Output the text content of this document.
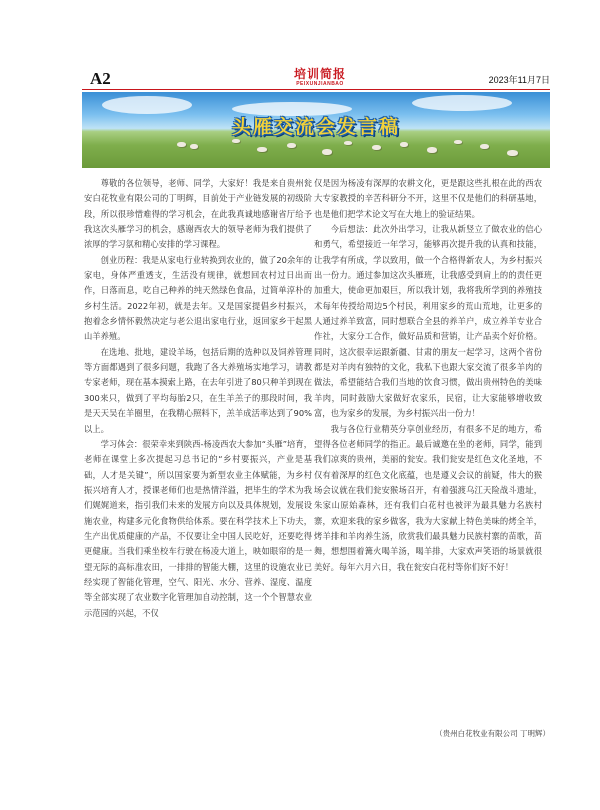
A2	培训简报
PEIXUNJIANBAO	2023年11月7日
头雁交流会发言稿

尊敬的各位领导，老师、同学，大家好！我是来自贵州瓮安白花牧业有限公司的丁明辉，目前处于产业链发展的初级阶段，所以很珍惜难得的学习机会，在此我真诚地感谢省厅给予我这次头雁学习的机会，感谢西农大的领导老师为我们提供了浓厚的学习氛和精心安排的学习课程。

创业历程：我是从家电行业转换到农业的，做了20余年的家电，身体严重透支，生活没有规律，就想回农村过日出而作，日落而息，吃自己种养的纯天然绿色食品，过简单淳朴的乡村生活。2022年初，就是去年。又是国家提倡乡村振兴，抱着念乡情怀毅然决定与老公退出家电行业，返回家乡干起黑山羊养殖。

在选地、批地，建设羊场，包括后期的选种以及饲养管理等方面都遇到了很多问题，我跑了各大养殖场实地学习，请教专家老师，现在基本摸索上路，在去年引进了80只种羊到现在300来只，做到了平均每胎2只，在生羊羔子的那段时间，我是天天吴在羊圈里，在我精心照料下，羔羊成活率达到了90%以上。

学习体会：很荣幸来到陕西-杨凌西农大参加“头雁”培育，老师在课堂上多次提起习总书记的“乡村要振兴，产业是基础，人才是关键”，所以国家要为新型农业主体赋能，为乡村振兴培育人才，授课老师们也是热情洋溢，把毕生的学术为我们娓娓道来，指引我们未来的发展方向以及具体规划，发展设施农业，构建多元化食物供给体系。要在科学技术上下功夫，生产出优质健康的产品，不仅要让全中国人民吃好，还要吃得更健康。当我们乘坐校车行驶在杨凌大道上，映如眼帘的是一望无际的高标准农田，一排排的智能大棚，这里的设施农业已经实现了智能化管理，空气、阳光、水分、营养、湿度、温度等全部实现了农业数字化管理加自动控制，这一个个智慧农业示范园的兴起，不仅

仅是因为杨凌有深厚的农耕文化，更是跟这些扎根在此的西农大专家教授的辛苦科研分不开，这里不仅是他们的科研基地，也是他们把学术论文写在大地上的验证结果。

今后想法：此次外出学习，让我从新竖立了做农业的信心和勇气，希望接近一年学习，能够再次提升我的认真和技能，让我学有所成，学以致用，做一个合格得新农人，为乡村振兴出一份力。通过参加这次头雁班，让我感受到肩上的的责任更加重大，使命更加艰巨，所以我计划，我将我所学到的养殖技术每年传授给周边5个村民，利用家乡的荒山荒地，让更多的人通过养羊致富，同时想联合全县的养羊户，成立养羊专业合作社，大家分工合作，做好品质和营销，让产品卖个好价格。同时，这次很幸运跟新疆、甘肃的朋友一起学习，这两个省份都是对羊肉有独特的文化，我私下也跟大家交流了很多羊肉的做法，希望能结合我们当地的饮食习惯，做出贵州特色的美味羊肉，同时鼓励大家做好农家乐，民宿，让大家能够增收致富，也为家乡的发展，为乡村振兴出一份力！

我与各位行业精英分享创业经历，有很多不足的地方，希望得各位老师同学的指正。最后诚邀在坐的老师，同学，能到我们凉爽的贵州，美丽的瓮安。我们瓮安是红色文化圣地，不仅有着深厚的红色文化底蕴，也是遵义会议的前疑，伟大的猴场会议就在我们瓮安猴场召开，有着强渡乌江天险战斗遗址，朱家山原始森林，还有我们白花村也被评为最具魅力名族村寨，欢迎来我的家乡做客，我为大家献上特色美味的烤全羊，烤羊排和羊肉养生汤，欣赏我们最具魅力民族村寨的苗歌，苗舞，想想围着篝火喝羊汤，喝羊排，大家欢声笑语的场景就很美好。每年六月六日，我在瓮安白花村等你们好不好！

（贵州白花牧业有限公司 丁明辉）
